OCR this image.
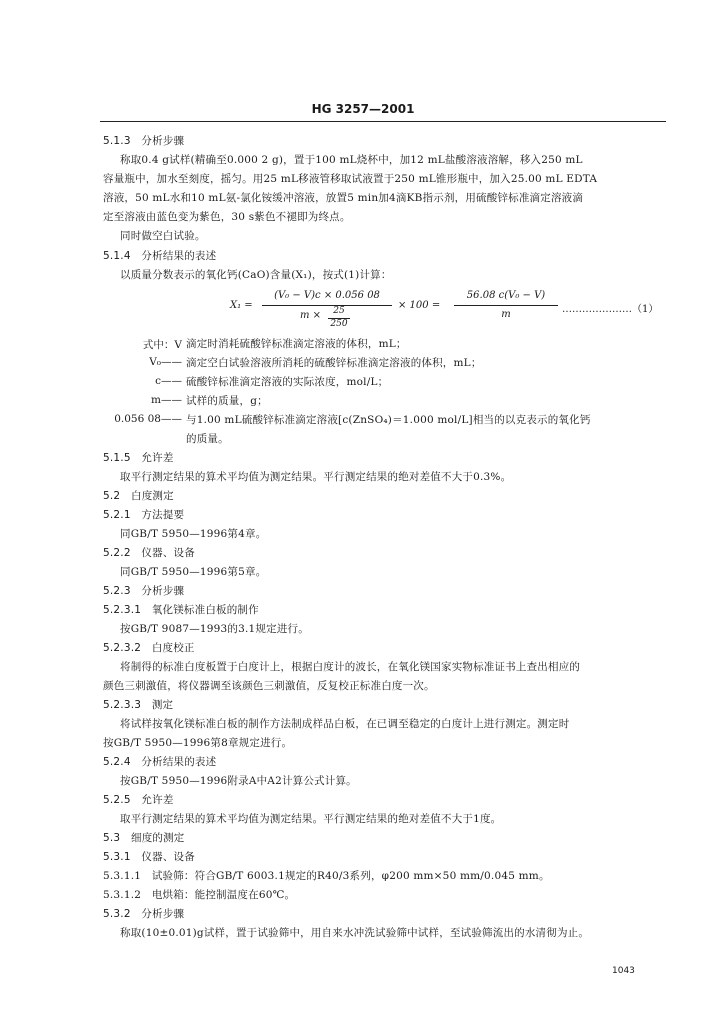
HG 3257—2001
5.1.3　分析步骤
称取0.4 g试样(精确至0.000 2 g)，置于100 mL烧杯中，加12 mL盐酸溶液溶解，移入250 mL
容量瓶中，加水至刻度，摇匀。用25 mL移液管移取试液置于250 mL锥形瓶中，加入25.00 mL EDTA
溶液，50 mL水和10 mL氨-氯化铵缓冲溶液，放置5 min加4滴KB指示剂，用硫酸锌标准滴定溶液滴
定至溶液由蓝色变为紫色，30 s紫色不褪即为终点。
同时做空白试验。
5.1.4　分析结果的表述
以质量分数表示的氧化钙(CaO)含量(X₁)，按式(1)计算：
X₁ =
(V₀ − V)c × 0.056 08
m ×	25
250
× 100 =
56.08 c(V₀ − V)
m	…………………（1）
式中：V 滴定时消耗硫酸锌标准滴定溶液的体积，mL；
V₀—— 滴定空白试验溶液所消耗的硫酸锌标准滴定溶液的体积，mL；
c—— 硫酸锌标准滴定溶液的实际浓度，mol/L；
m—— 试样的质量，g；
0.056 08—— 与1.00 mL硫酸锌标准滴定溶液[c(ZnSO₄)＝1.000 mol/L]相当的以克表示的氧化钙
的质量。
5.1.5　允许差
取平行测定结果的算术平均值为测定结果。平行测定结果的绝对差值不大于0.3%。
5.2　白度测定
5.2.1　方法提要
同GB/T 5950—1996第4章。
5.2.2　仪器、设备
同GB/T 5950—1996第5章。
5.2.3　分析步骤
5.2.3.1　氧化镁标准白板的制作
按GB/T 9087—1993的3.1规定进行。
5.2.3.2　白度校正
将制得的标准白度板置于白度计上，根据白度计的波长，在氧化镁国家实物标准证书上查出相应的
颜色三刺激值，将仪器调至该颜色三刺激值，反复校正标准白度一次。
5.2.3.3　测定
将试样按氧化镁标准白板的制作方法制成样品白板，在已调至稳定的白度计上进行测定。测定时
按GB/T 5950—1996第8章规定进行。
5.2.4　分析结果的表述
按GB/T 5950—1996附录A中A2计算公式计算。
5.2.5　允许差
取平行测定结果的算术平均值为测定结果。平行测定结果的绝对差值不大于1度。
5.3　细度的测定
5.3.1　仪器、设备
5.3.1.1　试验筛：符合GB/T 6003.1规定的R40/3系列，φ200 mm×50 mm/0.045 mm。
5.3.1.2　电烘箱：能控制温度在60℃。
5.3.2　分析步骤
称取(10±0.01)g试样，置于试验筛中，用自来水冲洗试验筛中试样，至试验筛流出的水清彻为止。
1043
